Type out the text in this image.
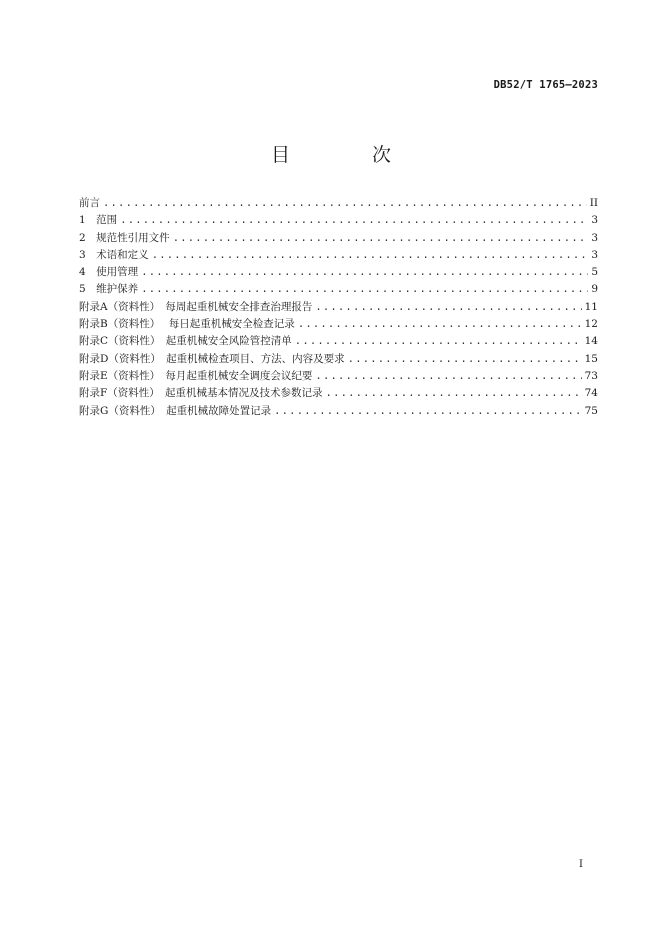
DB52/T 1765—2023
目 次
前言 .....	II
1　范围 .....	3
2　规范性引用文件 .....	3
3　术语和定义 .....	3
4　使用管理 .....	5
5　维护保养 .....	9
附录A（资料性）　每周起重机械安全排查治理报告 .....	11
附录B（资料性）　 每日起重机械安全检查记录 .....	12
附录C（资料性）　起重机械安全风险管控清单 .....	14
附录D（资料性）　起重机械检查项目、方法、内容及要求 .....	15
附录E（资料性）　每月起重机械安全调度会议纪要 .....	73
附录F（资料性）　起重机械基本情况及技术参数记录 .....	74
附录G（资料性）　起重机械故障处置记录 .....	75
I
